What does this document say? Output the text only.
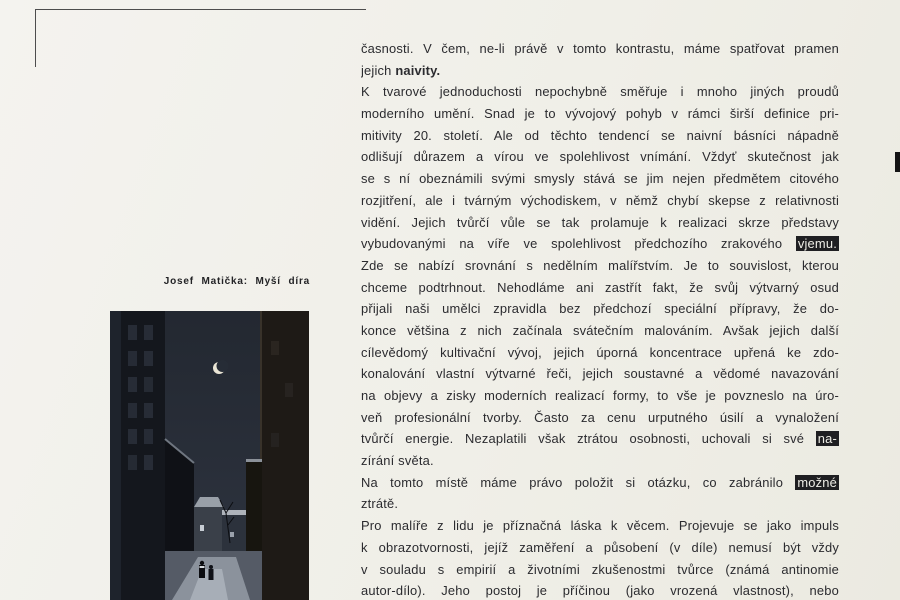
Josef Matička: Myší díra
časnosti. V čem, ne-li právě v tomto kontrastu, máme spatřovat pramen
jejich naivity.
K tvarové jednoduchosti nepochybně směřuje i mnoho jiných proudů
moderního umění. Snad je to vývojový pohyb v rámci širší definice pri-
mitivity 20. století. Ale od těchto tendencí se naivní básníci nápadně
odlišují důrazem a vírou ve spolehlivost vnímání. Vždyť skutečnost jak
se s ní obeznámili svými smysly stává se jim nejen předmětem citového
rozjitření, ale i tvárným východiskem, v němž chybí skepse z relativnosti
vidění. Jejich tvůrčí vůle se tak prolamuje k realizaci skrze představy
vybudovanými na víře ve spolehlivost předchozího zrakového vjemu.
Zde se nabízí srovnání s nedělním malířstvím. Je to souvislost, kterou
chceme podtrhnout. Nehodláme ani zastřít fakt, že svůj výtvarný osud
přijali naši umělci zpravidla bez předchozí speciální přípravy, že do-
konce většina z nich začínala svátečním malováním. Avšak jejich další
cílevědomý kultivační vývoj, jejich úporná koncentrace upřená ke zdo-
konalování vlastní výtvarné řeči, jejich soustavné a vědomé navazování
na objevy a zisky moderních realizací formy, to vše je povzneslo na úro-
veň profesionální tvorby. Často za cenu urputného úsilí a vynaložení
tvůrčí energie. Nezaplatili však ztrátou osobnosti, uchovali si své na-
zírání světa.
Na tomto místě máme právo položit si otázku, co zabránilo možné
ztrátě.
Pro malíře z lidu je příznačná láska k věcem. Projevuje se jako impuls
k obrazotvornosti, jejíž zaměření a působení (v díle) nemusí být vždy
v souladu s empirií a životními zkušenostmi tvůrce (známá antinomie
autor-dílo). Jeho postoj je příčinou (jako vrozená vlastnost), nebo
